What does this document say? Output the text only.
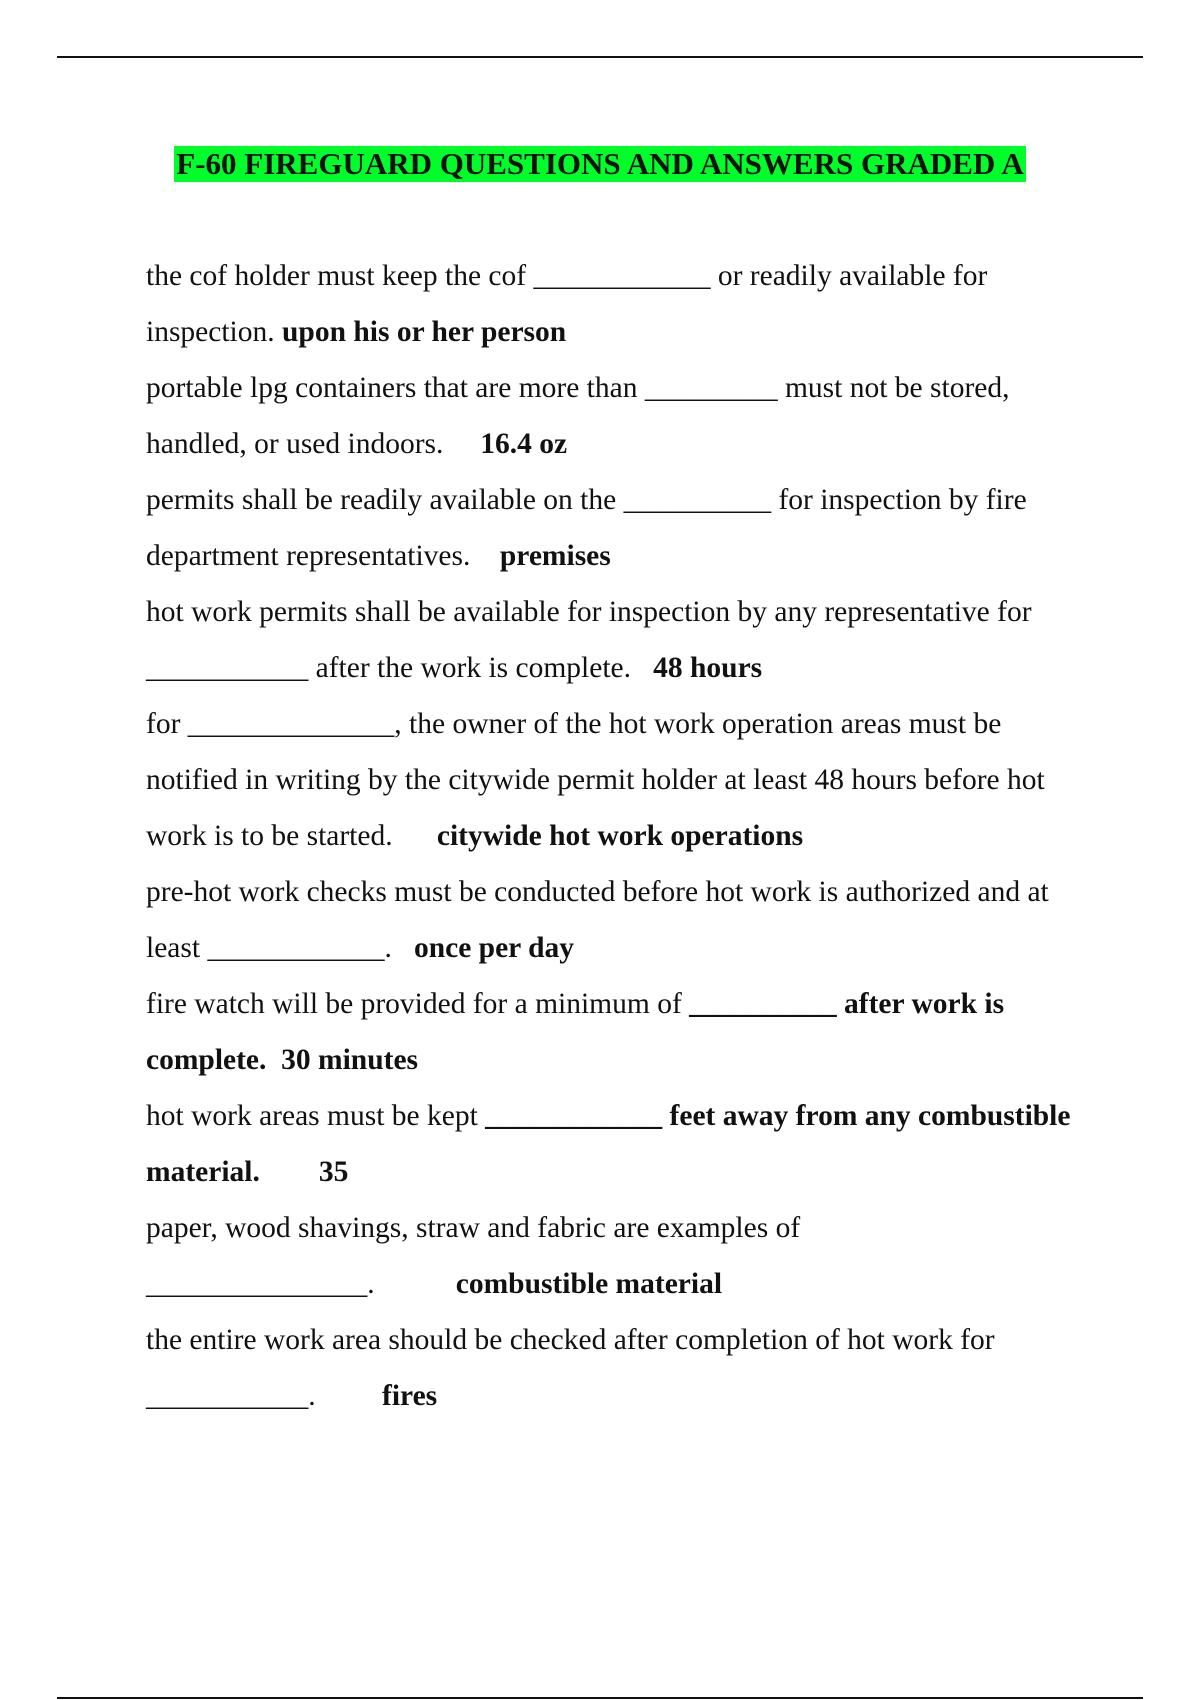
F-60 FIREGUARD QUESTIONS AND ANSWERS GRADED A

the cof holder must keep the cof ____________ or readily available for inspection. upon his or her person

portable lpg containers that are more than _________ must not be stored, handled, or used indoors. 16.4 oz

permits shall be readily available on the __________ for inspection by fire department representatives. premises

hot work permits shall be available for inspection by any representative for ___________ after the work is complete. 48 hours

for ______________, the owner of the hot work operation areas must be notified in writing by the citywide permit holder at least 48 hours before hot work is to be started. citywide hot work operations

pre-hot work checks must be conducted before hot work is authorized and at least ____________. once per day

fire watch will be provided for a minimum of __________ after work is complete. 30 minutes

hot work areas must be kept ____________ feet away from any combustible material. 35

paper, wood shavings, straw and fabric are examples of _______________.	combustible material

the entire work area should be checked after completion of hot work for ___________. fires
